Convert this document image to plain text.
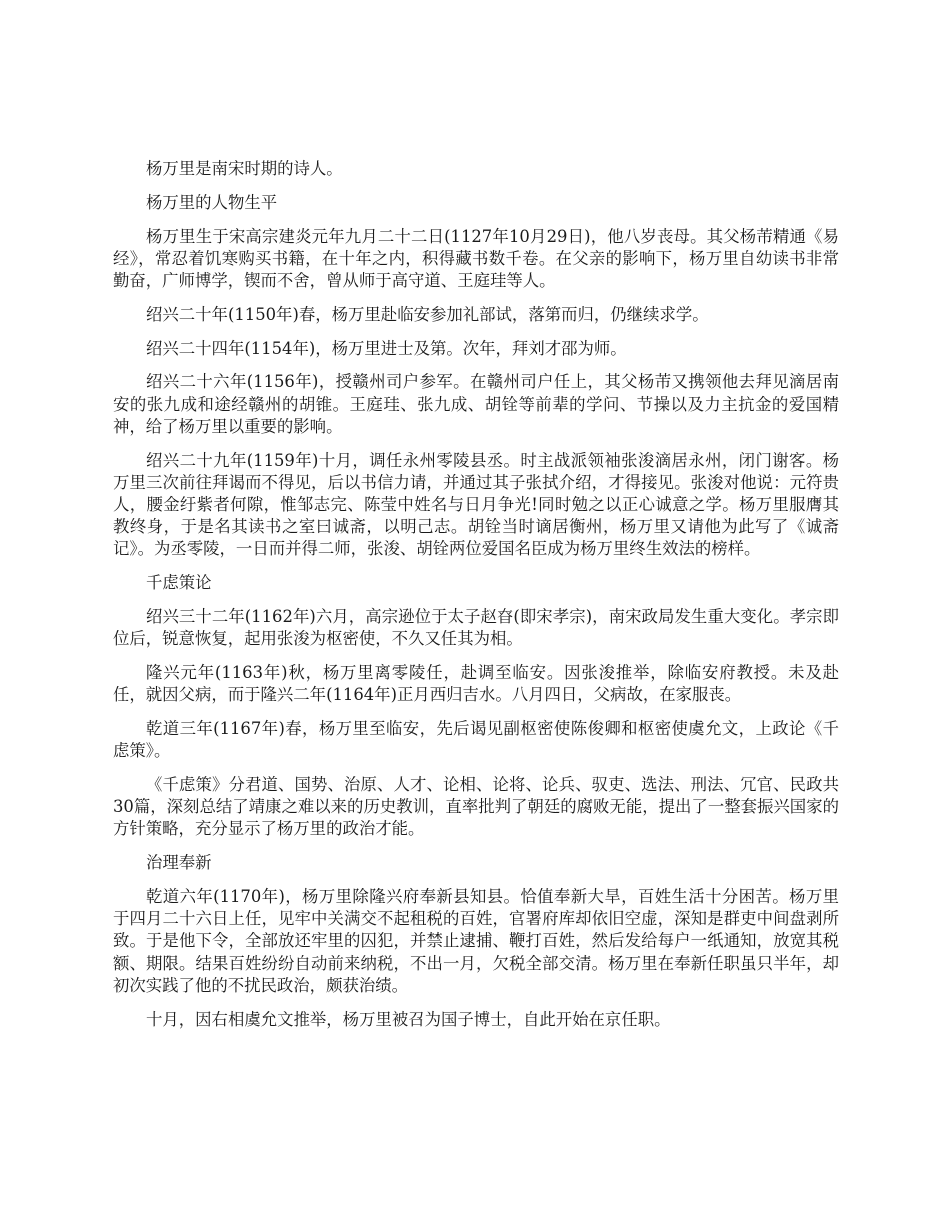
杨万里是南宋时期的诗人。

杨万里的人物生平

杨万里生于宋高宗建炎元年九月二十二日(1127年10月29日)，他八岁丧母。其父杨芾精通《易经》，常忍着饥寒购买书籍，在十年之内，积得藏书数千卷。在父亲的影响下，杨万里自幼读书非常勤奋，广师博学，锲而不舍，曾从师于高守道、王庭珪等人。

绍兴二十年(1150年)春，杨万里赴临安参加礼部试，落第而归，仍继续求学。

绍兴二十四年(1154年)，杨万里进士及第。次年，拜刘才邵为师。

绍兴二十六年(1156年)，授赣州司户参军。在赣州司户任上，其父杨芾又携领他去拜见滴居南安的张九成和途经赣州的胡锥。王庭珪、张九成、胡铨等前辈的学问、节操以及力主抗金的爱国精神，给了杨万里以重要的影响。

绍兴二十九年(1159年)十月，调任永州零陵县丞。时主战派领袖张浚滴居永州，闭门谢客。杨万里三次前往拜谒而不得见，后以书信力请，并通过其子张拭介绍，才得接见。张浚对他说：元符贵人，腰金纡紫者何隙，惟邹志完、陈莹中姓名与日月争光!同时勉之以正心诚意之学。杨万里服膺其教终身，于是名其读书之室曰诚斋，以明己志。胡铨当时谪居衡州，杨万里又请他为此写了《诚斋记》。为丞零陵，一日而并得二师，张浚、胡铨两位爱国名臣成为杨万里终生效法的榜样。

千虑策论

绍兴三十二年(1162年)六月，高宗逊位于太子赵昚(即宋孝宗)，南宋政局发生重大变化。孝宗即位后，锐意恢复，起用张浚为枢密使，不久又任其为相。

隆兴元年(1163年)秋，杨万里离零陵任，赴调至临安。因张浚推举，除临安府教授。未及赴任，就因父病，而于隆兴二年(1164年)正月西归吉水。八月四日，父病故，在家服丧。

乾道三年(1167年)春，杨万里至临安，先后谒见副枢密使陈俊卿和枢密使虞允文，上政论《千虑策》。

《千虑策》分君道、国势、治原、人才、论相、论将、论兵、驭吏、选法、刑法、冗官、民政共30篇，深刻总结了靖康之难以来的历史教训，直率批判了朝廷的腐败无能，提出了一整套振兴国家的方针策略，充分显示了杨万里的政治才能。

治理奉新

乾道六年(1170年)，杨万里除隆兴府奉新县知县。恰值奉新大旱，百姓生活十分困苦。杨万里于四月二十六日上任，见牢中关满交不起租税的百姓，官署府库却依旧空虚，深知是群吏中间盘剥所致。于是他下令，全部放还牢里的囚犯，并禁止逮捕、鞭打百姓，然后发给每户一纸通知，放宽其税额、期限。结果百姓纷纷自动前来纳税，不出一月，欠税全部交清。杨万里在奉新任职虽只半年，却初次实践了他的不扰民政治，颇获治绩。

十月，因右相虞允文推举，杨万里被召为国子博士，自此开始在京任职。
